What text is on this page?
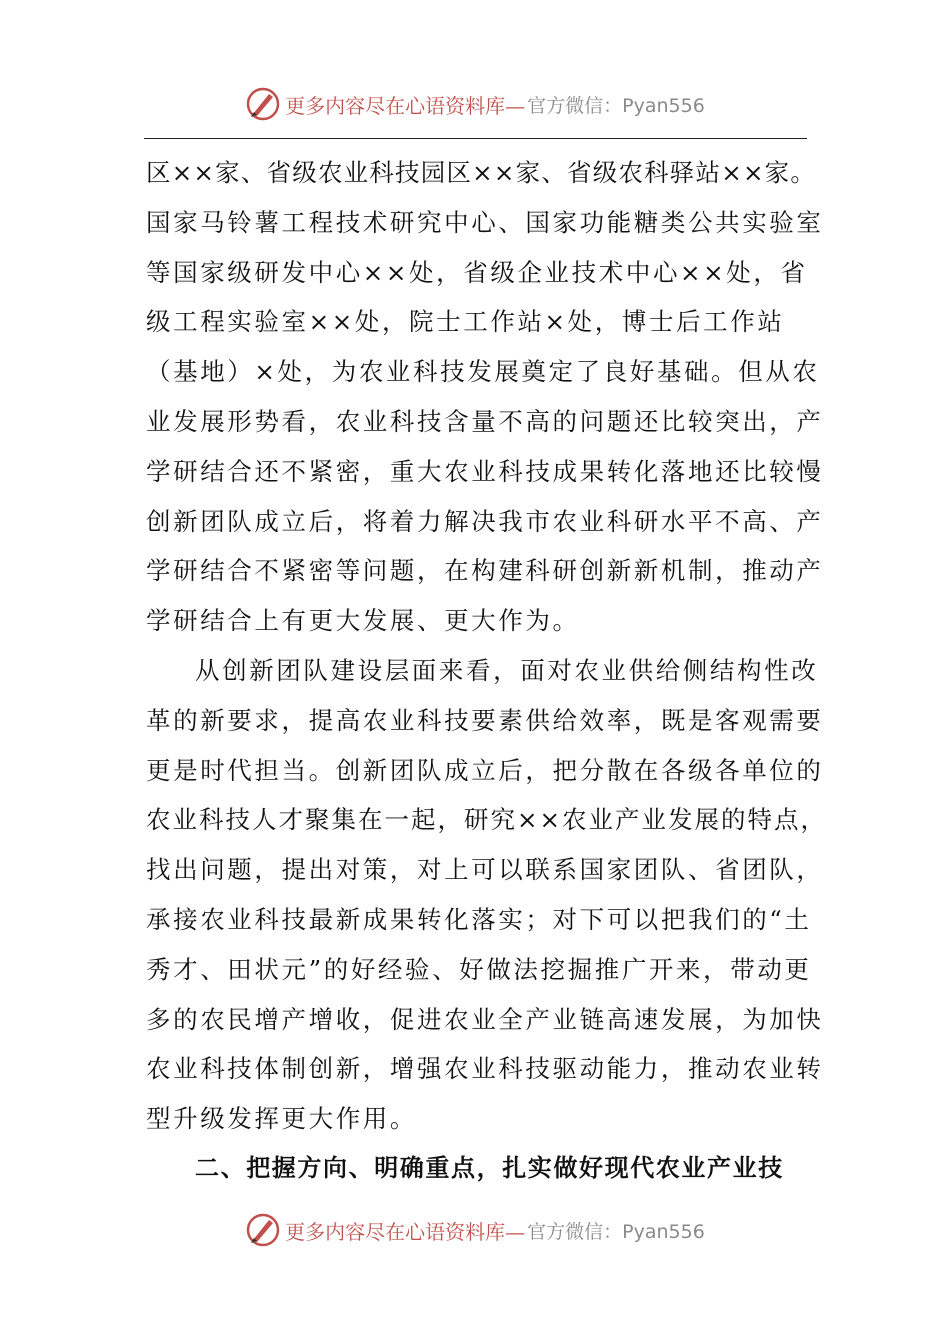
更多内容尽在心语资料库— 官方微信：Pyan556
区××家、省级农业科技园区××家、省级农科驿站××家。
国家马铃薯工程技术研究中心、国家功能糖类公共实验室
等国家级研发中心××处，省级企业技术中心××处，省
级工程实验室××处，院士工作站×处，博士后工作站
（基地）×处，为农业科技发展奠定了良好基础。但从农
业发展形势看，农业科技含量不高的问题还比较突出，产
学研结合还不紧密，重大农业科技成果转化落地还比较慢
创新团队成立后，将着力解决我市农业科研水平不高、产
学研结合不紧密等问题，在构建科研创新新机制，推动产
学研结合上有更大发展、更大作为。
从创新团队建设层面来看，面对农业供给侧结构性改
革的新要求，提高农业科技要素供给效率，既是客观需要
更是时代担当。创新团队成立后，把分散在各级各单位的
农业科技人才聚集在一起，研究××农业产业发展的特点，
找出问题，提出对策，对上可以联系国家团队、省团队，
承接农业科技最新成果转化落实；对下可以把我们的“土
秀才、田状元”的好经验、好做法挖掘推广开来，带动更
多的农民增产增收，促进农业全产业链高速发展，为加快
农业科技体制创新，增强农业科技驱动能力，推动农业转
型升级发挥更大作用。
二、把握方向、明确重点，扎实做好现代农业产业技
更多内容尽在心语资料库— 官方微信：Pyan556
